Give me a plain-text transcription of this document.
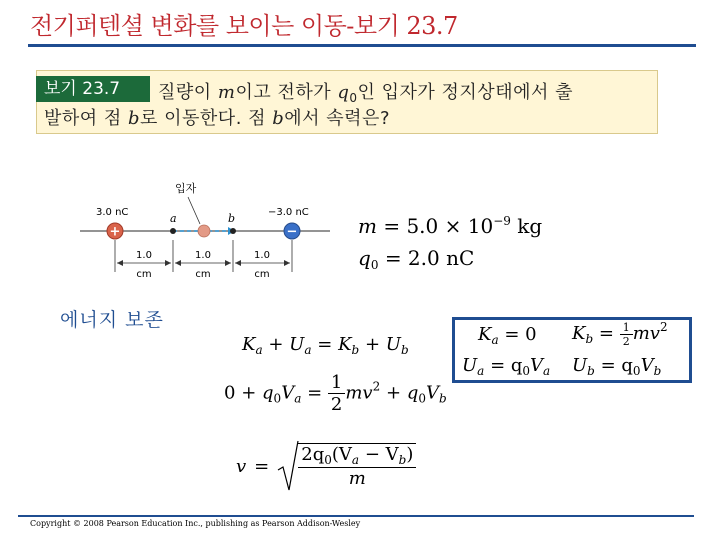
전기퍼텐셜 변화를 보이는 이동-보기 23.7
보기 23.7	질량이 m이고 전하가 $q_0$인 입자가 정지상태에서 출
발하여 점 b로 이동한다. 점 b에서 속력은?
입자
3.0 nC	−3.0 nC
a	b
+	−
1.0
cm
1.0
cm
1.0
cm
$m = 5.0 \times 10^{-9}$ kg
$q_0 = 2.0$ nC
에너지 보존
$K_a + U_a = K_b + U_b$
$0 + q_0V_a = \frac{1}{2} mv^2 + q_0V_b$
$v = \frac{2q_0(V_a - V_b)}{m}$
$K_a = 0$ $K_b = \frac{1}{2} mv^2$
$U_a = q_0V_a$ $U_b = q_0V_b$
Copyright © 2008 Pearson Education Inc., publishing as Pearson Addison-Wesley
